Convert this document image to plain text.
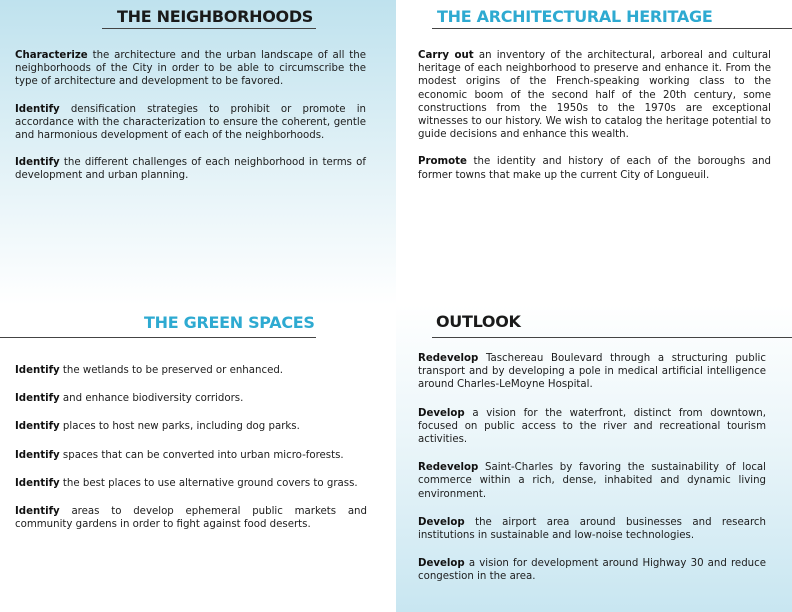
THE NEIGHBORHOODS

Characterize the architecture and the urban landscape of all the neighborhoods of the City in order to be able to circumscribe the type of architecture and development to be favored.

Identify densification strategies to prohibit or promote in accordance with the characterization to ensure the coherent, gentle and harmonious development of each of the neighborhoods.

Identify the different challenges of each neighborhood in terms of development and urban planning.

THE ARCHITECTURAL HERITAGE

Carry out an inventory of the architectural, arboreal and cultural heritage of each neighborhood to preserve and enhance it. From the modest origins of the French-speaking working class to the economic boom of the second half of the 20th century, some constructions from the 1950s to the 1970s are exceptional witnesses to our history. We wish to catalog the heritage potential to guide decisions and enhance this wealth.

Promote the identity and history of each of the boroughs and former towns that make up the current City of Longueuil.

THE GREEN SPACES

Identify the wetlands to be preserved or enhanced.

Identify and enhance biodiversity corridors.

Identify places to host new parks, including dog parks.

Identify spaces that can be converted into urban micro-forests.

Identify the best places to use alternative ground covers to grass.

Identify areas to develop ephemeral public markets and community gardens in order to fight against food deserts.

OUTLOOK

Redevelop Taschereau Boulevard through a structuring public transport and by developing a pole in medical artificial intelligence around Charles-LeMoyne Hospital.

Develop a vision for the waterfront, distinct from downtown, focused on public access to the river and recreational tourism activities.

Redevelop Saint-Charles by favoring the sustainability of local commerce within a rich, dense, inhabited and dynamic living environment.

Develop the airport area around businesses and research institutions in sustainable and low-noise technologies.

Develop a vision for development around Highway 30 and reduce congestion in the area.
